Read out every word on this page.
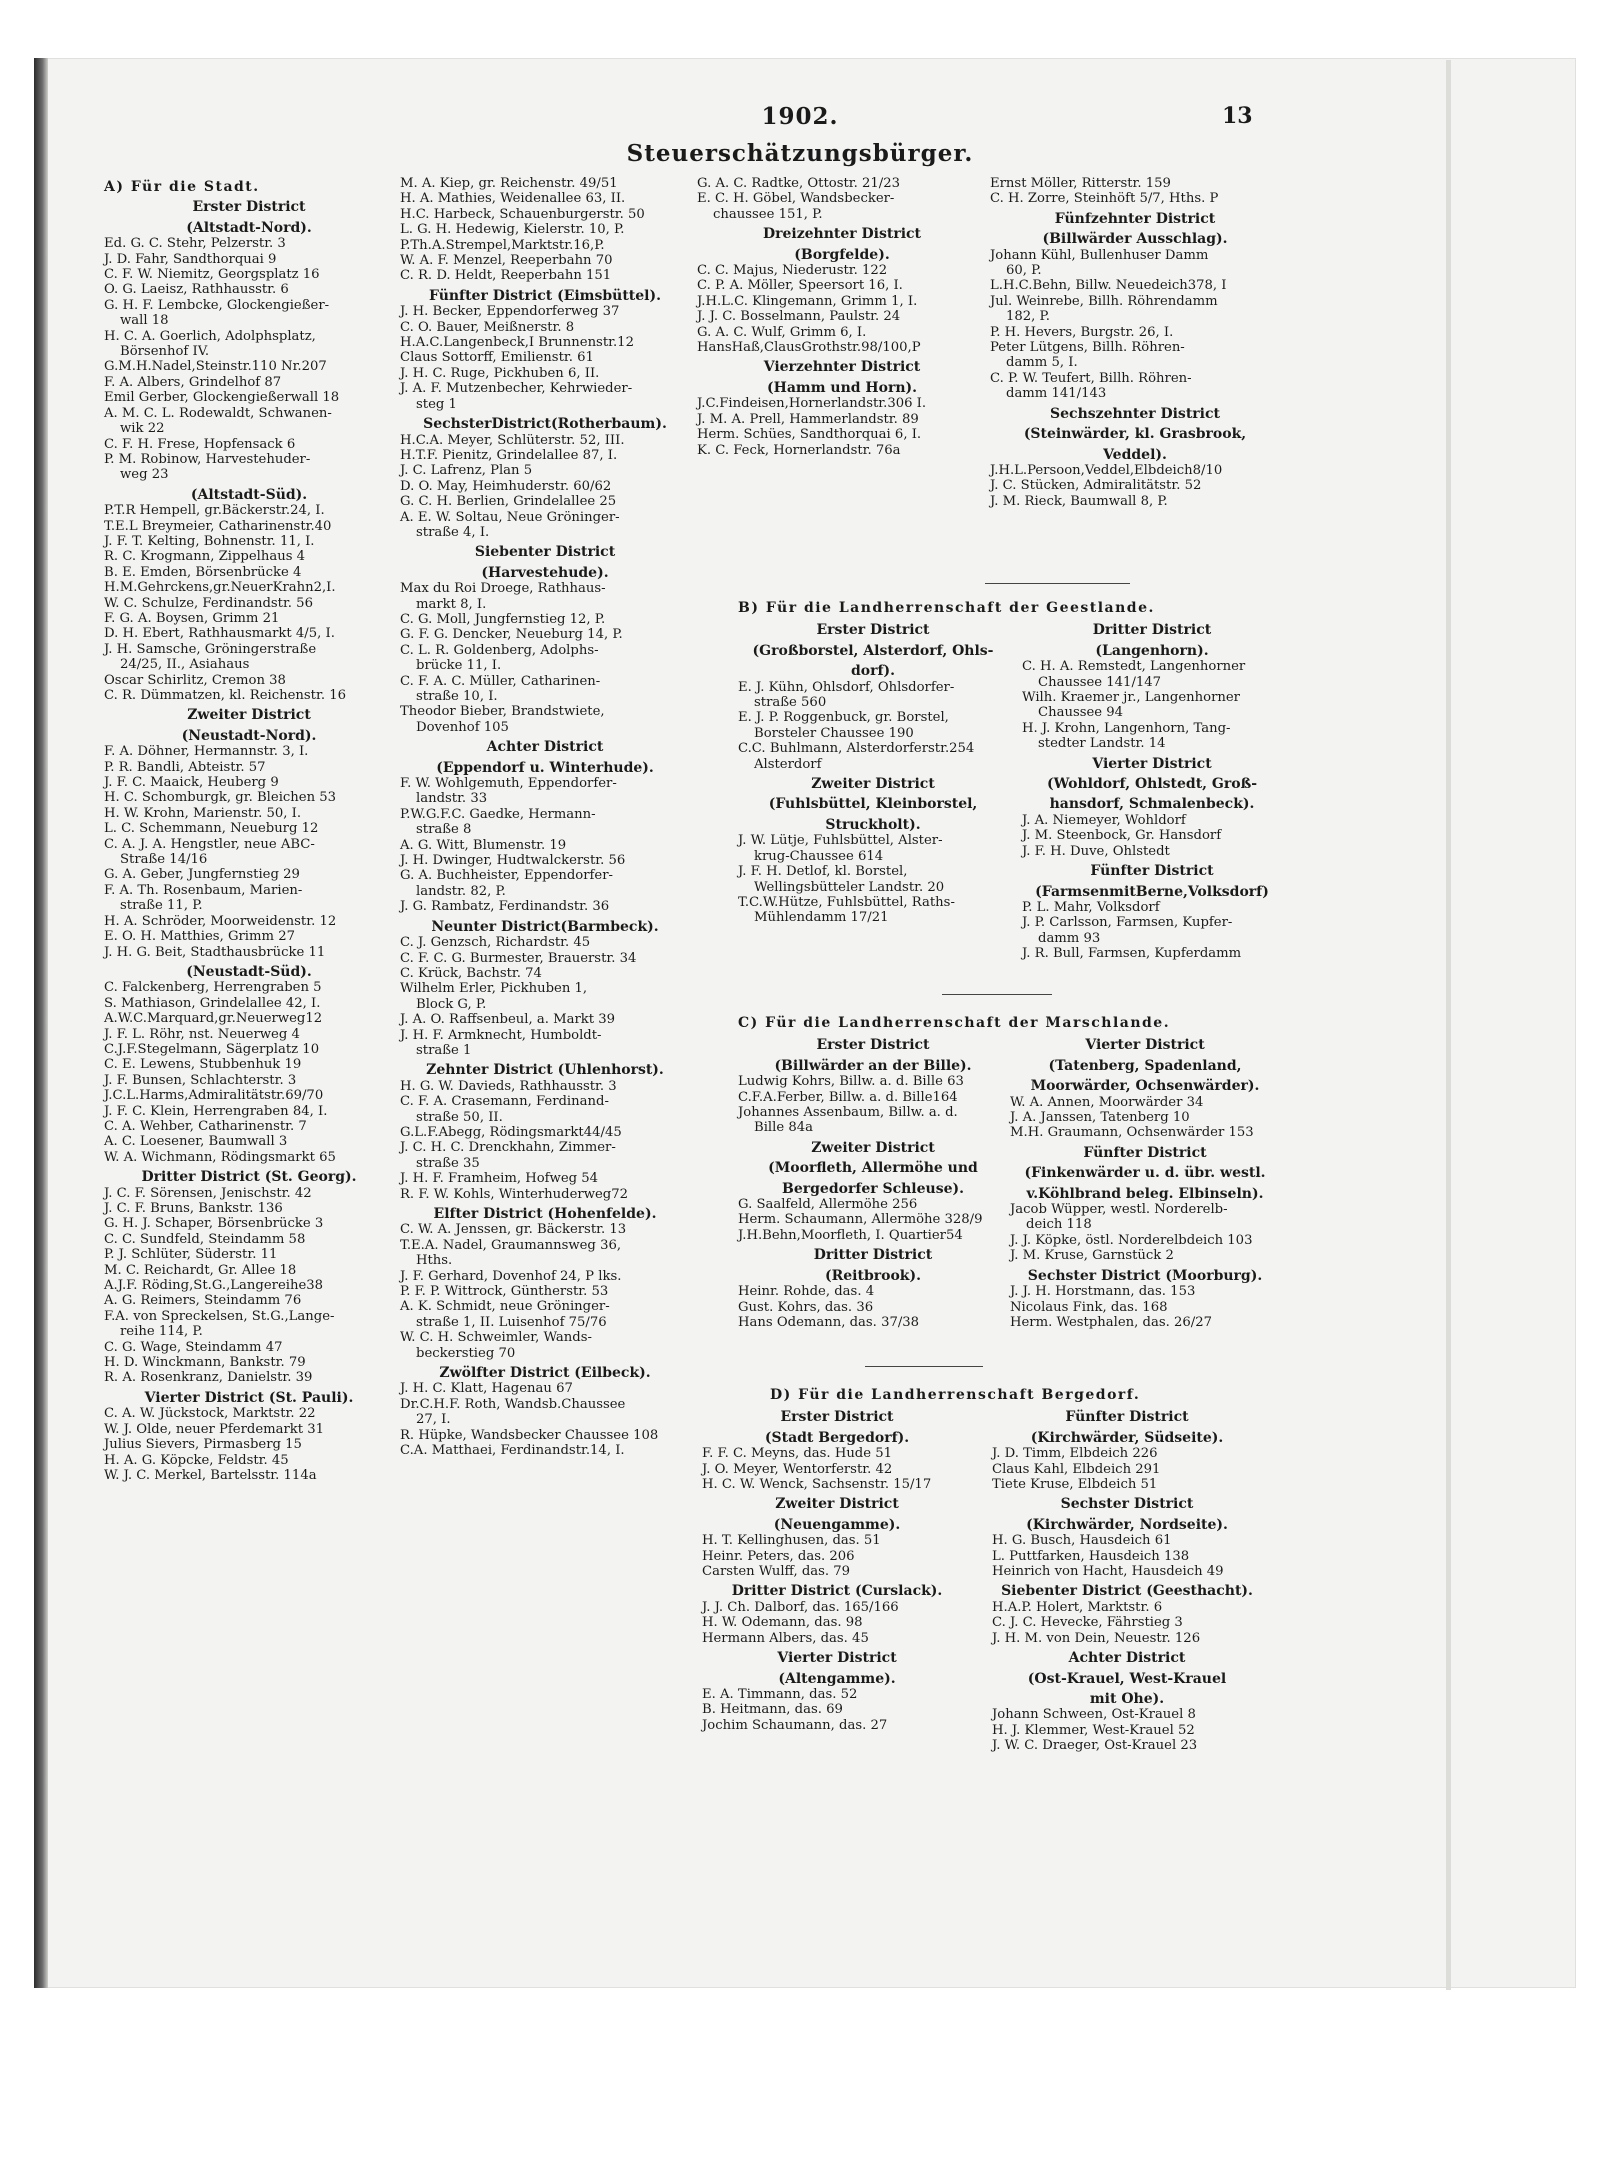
1902.	13
Steuerschätzungsbürger.
A) Für die Stadt.
Erster District
(Altstadt-Nord).
Ed. G. C. Stehr, Pelzerstr. 3
J. D. Fahr, Sandthorquai 9
C. F. W. Niemitz, Georgsplatz 16
O. G. Laeisz, Rathhausstr. 6
G. H. F. Lembcke, Glockengießer-
wall 18
H. C. A. Goerlich, Adolphsplatz,
Börsenhof IV.
G.M.H.Nadel,Steinstr.110 Nr.207
F. A. Albers, Grindelhof 87
Emil Gerber, Glockengießerwall 18
A. M. C. L. Rodewaldt, Schwanen-
wik 22
C. F. H. Frese, Hopfensack 6
P. M. Robinow, Harvestehuder-
weg 23
(Altstadt-Süd).
P.T.R Hempell, gr.Bäckerstr.24, I.
T.E.L Breymeier, Catharinenstr.40
J. F. T. Kelting, Bohnenstr. 11, I.
R. C. Krogmann, Zippelhaus 4
B. E. Emden, Börsenbrücke 4
H.M.Gehrckens,gr.NeuerKrahn2,I.
W. C. Schulze, Ferdinandstr. 56
F. G. A. Boysen, Grimm 21
D. H. Ebert, Rathhausmarkt 4/5, I.
J. H. Samsche, Gröningerstraße
24/25, II., Asiahaus
Oscar Schirlitz, Cremon 38
C. R. Dümmatzen, kl. Reichenstr. 16
Zweiter District
(Neustadt-Nord).
F. A. Döhner, Hermannstr. 3, I.
P. R. Bandli, Abteistr. 57
J. F. C. Maaick, Heuberg 9
H. C. Schomburgk, gr. Bleichen 53
H. W. Krohn, Marienstr. 50, I.
L. C. Schemmann, Neueburg 12
C. A. J. A. Hengstler, neue ABC-
Straße 14/16
G. A. Geber, Jungfernstieg 29
F. A. Th. Rosenbaum, Marien-
straße 11, P.
H. A. Schröder, Moorweidenstr. 12
E. O. H. Matthies, Grimm 27
J. H. G. Beit, Stadthausbrücke 11
(Neustadt-Süd).
C. Falckenberg, Herrengraben 5
S. Mathiason, Grindelallee 42, I.
A.W.C.Marquard,gr.Neuerweg12
J. F. L. Röhr, nst. Neuerweg 4
C.J.F.Stegelmann, Sägerplatz 10
C. E. Lewens, Stubbenhuk 19
J. F. Bunsen, Schlachterstr. 3
J.C.L.Harms,Admiralitätstr.69/70
J. F. C. Klein, Herrengraben 84, I.
C. A. Wehber, Catharinenstr. 7
A. C. Loesener, Baumwall 3
W. A. Wichmann, Rödingsmarkt 65
Dritter District (St. Georg).
J. C. F. Sörensen, Jenischstr. 42
J. C. F. Bruns, Bankstr. 136
G. H. J. Schaper, Börsenbrücke 3
C. C. Sundfeld, Steindamm 58
P. J. Schlüter, Süderstr. 11
M. C. Reichardt, Gr. Allee 18
A.J.F. Röding,St.G.,Langereihe38
A. G. Reimers, Steindamm 76
F.A. von Spreckelsen, St.G.,Lange-
reihe 114, P.
C. G. Wage, Steindamm 47
H. D. Winckmann, Bankstr. 79
R. A. Rosenkranz, Danielstr. 39
Vierter District (St. Pauli).
C. A. W. Jückstock, Marktstr. 22
W. J. Olde, neuer Pferdemarkt 31
Julius Sievers, Pirmasberg 15
H. A. G. Köpcke, Feldstr. 45
W. J. C. Merkel, Bartelsstr. 114a
M. A. Kiep, gr. Reichenstr. 49/51
H. A. Mathies, Weidenallee 63, II.
H.C. Harbeck, Schauenburgerstr. 50
L. G. H. Hedewig, Kielerstr. 10, P.
P.Th.A.Strempel,Marktstr.16,P.
W. A. F. Menzel, Reeperbahn 70
C. R. D. Heldt, Reeperbahn 151
Fünfter District (Eimsbüttel).
J. H. Becker, Eppendorferweg 37
C. O. Bauer, Meißnerstr. 8
H.A.C.Langenbeck,I Brunnenstr.12
Claus Sottorff, Emilienstr. 61
J. H. C. Ruge, Pickhuben 6, II.
J. A. F. Mutzenbecher, Kehrwieder-
steg 1
SechsterDistrict(Rotherbaum).
H.C.A. Meyer, Schlüterstr. 52, III.
H.T.F. Pienitz, Grindelallee 87, I.
J. C. Lafrenz, Plan 5
D. O. May, Heimhuderstr. 60/62
G. C. H. Berlien, Grindelallee 25
A. E. W. Soltau, Neue Gröninger-
straße 4, I.
Siebenter District
(Harvestehude).
Max du Roi Droege, Rathhaus-
markt 8, I.
C. G. Moll, Jungfernstieg 12, P.
G. F. G. Dencker, Neueburg 14, P.
C. L. R. Goldenberg, Adolphs-
brücke 11, I.
C. F. A. C. Müller, Catharinen-
straße 10, I.
Theodor Bieber, Brandstwiete,
Dovenhof 105
Achter District
(Eppendorf u. Winterhude).
F. W. Wohlgemuth, Eppendorfer-
landstr. 33
P.W.G.F.C. Gaedke, Hermann-
straße 8
A. G. Witt, Blumenstr. 19
J. H. Dwinger, Hudtwalckerstr. 56
G. A. Buchheister, Eppendorfer-
landstr. 82, P.
J. G. Rambatz, Ferdinandstr. 36
Neunter District(Barmbeck).
C. J. Genzsch, Richardstr. 45
C. F. C. G. Burmester, Brauerstr. 34
C. Krück, Bachstr. 74
Wilhelm Erler, Pickhuben 1,
Block G, P.
J. A. O. Raffsenbeul, a. Markt 39
J. H. F. Armknecht, Humboldt-
straße 1
Zehnter District (Uhlenhorst).
H. G. W. Davieds, Rathhausstr. 3
C. F. A. Crasemann, Ferdinand-
straße 50, II.
G.L.F.Abegg, Rödingsmarkt44/45
J. C. H. C. Drenckhahn, Zimmer-
straße 35
J. H. F. Framheim, Hofweg 54
R. F. W. Kohls, Winterhuderweg72
Elfter District (Hohenfelde).
C. W. A. Jenssen, gr. Bäckerstr. 13
T.E.A. Nadel, Graumannsweg 36,
Hths.
J. F. Gerhard, Dovenhof 24, P lks.
P. F. P. Wittrock, Güntherstr. 53
A. K. Schmidt, neue Gröninger-
straße 1, II. Luisenhof 75/76
W. C. H. Schweimler, Wands-
beckerstieg 70
Zwölfter District (Eilbeck).
J. H. C. Klatt, Hagenau 67
Dr.C.H.F. Roth, Wandsb.Chaussee
27, I.
R. Hüpke, Wandsbecker Chaussee 108
C.A. Matthaei, Ferdinandstr.14, I.
G. A. C. Radtke, Ottostr. 21/23
E. C. H. Göbel, Wandsbecker-
chaussee 151, P.
Dreizehnter District
(Borgfelde).
C. C. Majus, Niederustr. 122
C. P. A. Möller, Speersort 16, I.
J.H.L.C. Klingemann, Grimm 1, I.
J. J. C. Bosselmann, Paulstr. 24
G. A. C. Wulf, Grimm 6, I.
HansHaß,ClausGrothstr.98/100,P
Vierzehnter District
(Hamm und Horn).
J.C.Findeisen,Hornerlandstr.306 I.
J. M. A. Prell, Hammerlandstr. 89
Herm. Schües, Sandthorquai 6, I.
K. C. Feck, Hornerlandstr. 76a
Ernst Möller, Ritterstr. 159
C. H. Zorre, Steinhöft 5/7, Hths. P
Fünfzehnter District
(Billwärder Ausschlag).
Johann Kühl, Bullenhuser Damm
60, P.
L.H.C.Behn, Billw. Neuedeich378, I
Jul. Weinrebe, Billh. Röhrendamm
182, P.
P. H. Hevers, Burgstr. 26, I.
Peter Lütgens, Billh. Röhren-
damm 5, I.
C. P. W. Teufert, Billh. Röhren-
damm 141/143
Sechszehnter District
(Steinwärder, kl. Grasbrook,
Veddel).
J.H.L.Persoon,Veddel,Elbdeich8/10
J. C. Stücken, Admiralitätstr. 52
J. M. Rieck, Baumwall 8, P.
B) Für die Landherrenschaft der Geestlande.
Erster District
(Großborstel, Alsterdorf, Ohls-
dorf).
E. J. Kühn, Ohlsdorf, Ohlsdorfer-
straße 560
E. J. P. Roggenbuck, gr. Borstel,
Borsteler Chaussee 190
C.C. Buhlmann, Alsterdorferstr.254
Alsterdorf
Zweiter District
(Fuhlsbüttel, Kleinborstel,
Struckholt).
J. W. Lütje, Fuhlsbüttel, Alster-
krug-Chaussee 614
J. F. H. Detlof, kl. Borstel,
Wellingsbütteler Landstr. 20
T.C.W.Hütze, Fuhlsbüttel, Raths-
Mühlendamm 17/21
Dritter District
(Langenhorn).
C. H. A. Remstedt, Langenhorner
Chaussee 141/147
Wilh. Kraemer jr., Langenhorner
Chaussee 94
H. J. Krohn, Langenhorn, Tang-
stedter Landstr. 14
Vierter District
(Wohldorf, Ohlstedt, Groß-
hansdorf, Schmalenbeck).
J. A. Niemeyer, Wohldorf
J. M. Steenbock, Gr. Hansdorf
J. F. H. Duve, Ohlstedt
Fünfter District
(FarmsenmitBerne,Volksdorf)
P. L. Mahr, Volksdorf
J. P. Carlsson, Farmsen, Kupfer-
damm 93
J. R. Bull, Farmsen, Kupferdamm
C) Für die Landherrenschaft der Marschlande.
Erster District
(Billwärder an der Bille).
Ludwig Kohrs, Billw. a. d. Bille 63
C.F.A.Ferber, Billw. a. d. Bille164
Johannes Assenbaum, Billw. a. d.
Bille 84a
Zweiter District
(Moorfleth, Allermöhe und
Bergedorfer Schleuse).
G. Saalfeld, Allermöhe 256
Herm. Schaumann, Allermöhe 328/9
J.H.Behn,Moorfleth, I. Quartier54
Dritter District
(Reitbrook).
Heinr. Rohde, das. 4
Gust. Kohrs, das. 36
Hans Odemann, das. 37/38
Vierter District
(Tatenberg, Spadenland,
Moorwärder, Ochsenwärder).
W. A. Annen, Moorwärder 34
J. A. Janssen, Tatenberg 10
M.H. Graumann, Ochsenwärder 153
Fünfter District
(Finkenwärder u. d. übr. westl.
v.Köhlbrand beleg. Elbinseln).
Jacob Wüpper, westl. Norderelb-
deich 118
J. J. Köpke, östl. Norderelbdeich 103
J. M. Kruse, Garnstück 2
Sechster District (Moorburg).
J. J. H. Horstmann, das. 153
Nicolaus Fink, das. 168
Herm. Westphalen, das. 26/27
D) Für die Landherrenschaft Bergedorf.
Erster District
(Stadt Bergedorf).
F. F. C. Meyns, das. Hude 51
J. O. Meyer, Wentorferstr. 42
H. C. W. Wenck, Sachsenstr. 15/17
Zweiter District
(Neuengamme).
H. T. Kellinghusen, das. 51
Heinr. Peters, das. 206
Carsten Wulff, das. 79
Dritter District (Curslack).
J. J. Ch. Dalborf, das. 165/166
H. W. Odemann, das. 98
Hermann Albers, das. 45
Vierter District
(Altengamme).
E. A. Timmann, das. 52
B. Heitmann, das. 69
Jochim Schaumann, das. 27
Fünfter District
(Kirchwärder, Südseite).
J. D. Timm, Elbdeich 226
Claus Kahl, Elbdeich 291
Tiete Kruse, Elbdeich 51
Sechster District
(Kirchwärder, Nordseite).
H. G. Busch, Hausdeich 61
L. Puttfarken, Hausdeich 138
Heinrich von Hacht, Hausdeich 49
Siebenter District (Geesthacht).
H.A.P. Holert, Marktstr. 6
C. J. C. Hevecke, Fährstieg 3
J. H. M. von Dein, Neuestr. 126
Achter District
(Ost-Krauel, West-Krauel
mit Ohe).
Johann Schween, Ost-Krauel 8
H. J. Klemmer, West-Krauel 52
J. W. C. Draeger, Ost-Krauel 23
